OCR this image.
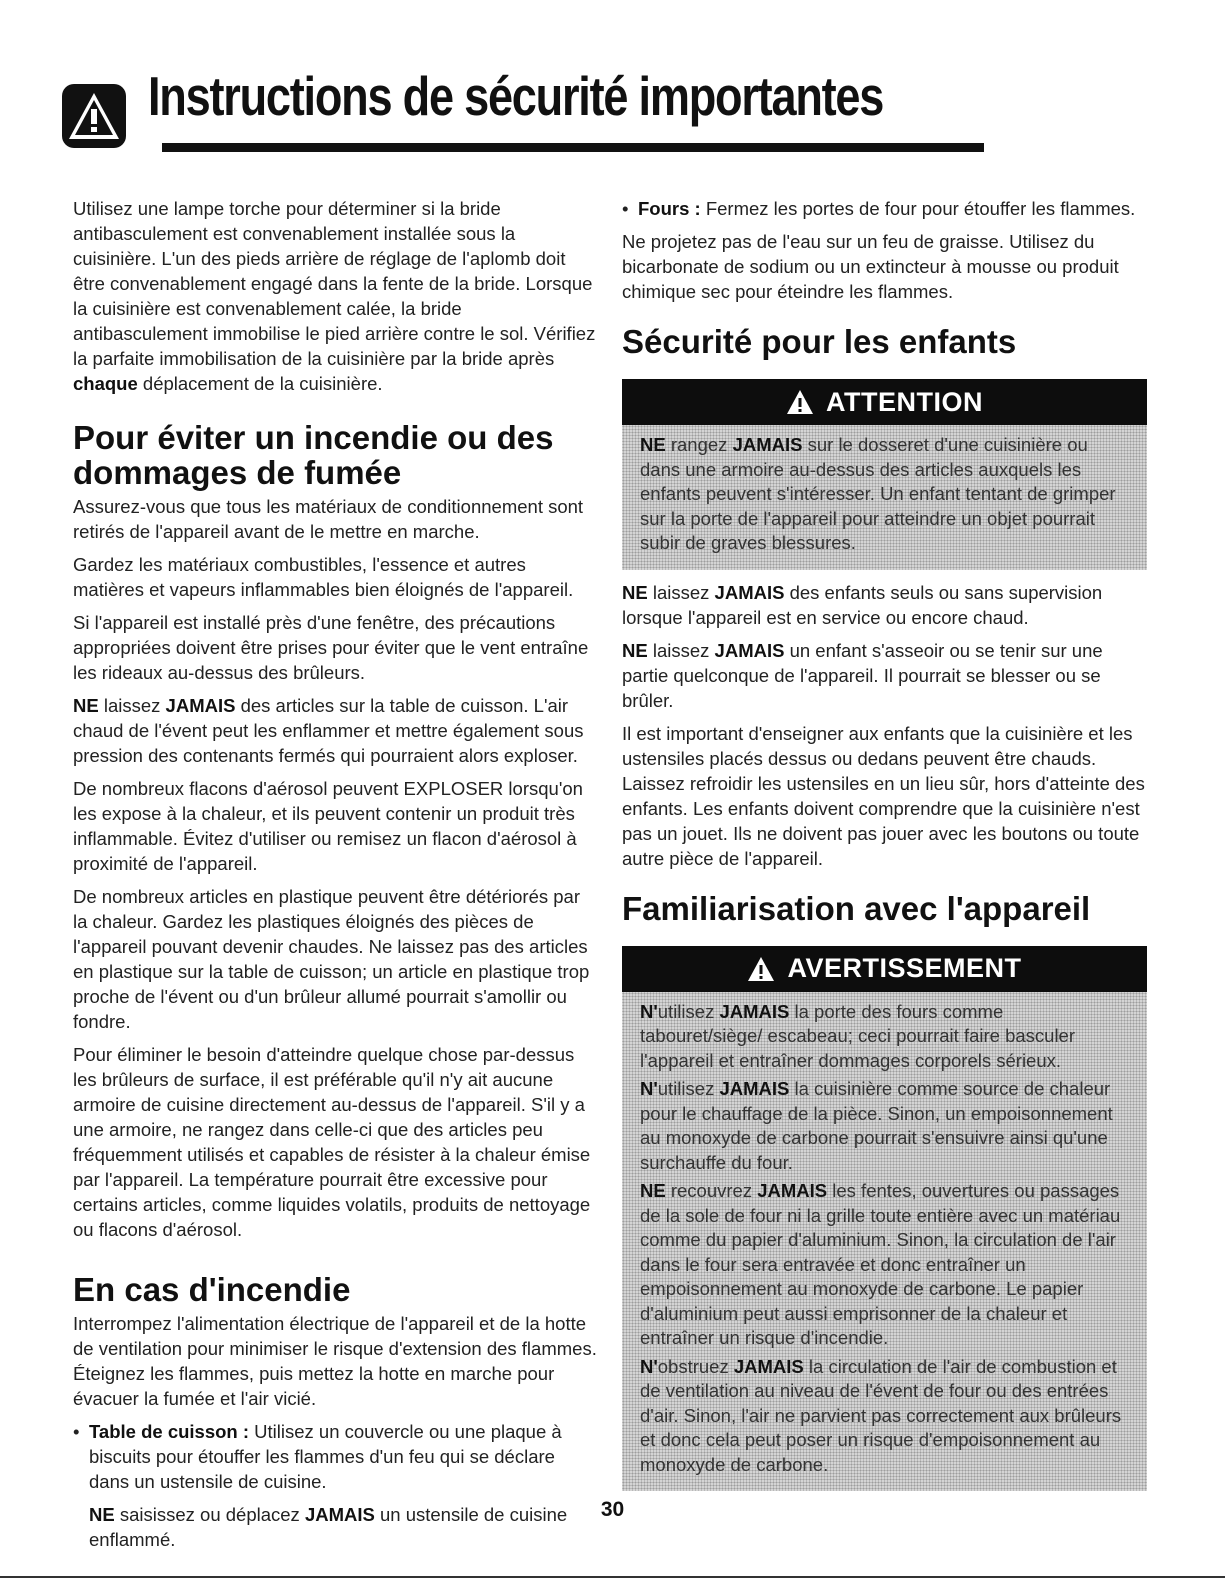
Instructions de sécurité importantes

Utilisez une lampe torche pour déterminer si la bride antibasculement est convenablement installée sous la cuisinière. L'un des pieds arrière de réglage de l'aplomb doit être convenablement engagé dans la fente de la bride. Lorsque la cuisinière est convenablement calée, la bride antibasculement immobilise le pied arrière contre le sol. Vérifiez la parfaite immobilisation de la cuisinière par la bride après chaque déplacement de la cuisinière.

Pour éviter un incendie ou des dommages de fumée

Assurez-vous que tous les matériaux de conditionnement sont retirés de l'appareil avant de le mettre en marche.

Gardez les matériaux combustibles, l'essence et autres matières et vapeurs inflammables bien éloignés de l'appareil.

Si l'appareil est installé près d'une fenêtre, des précautions appropriées doivent être prises pour éviter que le vent entraîne les rideaux au-dessus des brûleurs.

NE laissez JAMAIS des articles sur la table de cuisson. L'air chaud de l'évent peut les enflammer et mettre également sous pression des contenants fermés qui pourraient alors exploser.

De nombreux flacons d'aérosol peuvent EXPLOSER lorsqu'on les expose à la chaleur, et ils peuvent contenir un produit très inflammable. Évitez d'utiliser ou remisez un flacon d'aérosol à proximité de l'appareil.

De nombreux articles en plastique peuvent être détériorés par la chaleur. Gardez les plastiques éloignés des pièces de l'appareil pouvant devenir chaudes. Ne laissez pas des articles en plastique sur la table de cuisson; un article en plastique trop proche de l'évent ou d'un brûleur allumé pourrait s'amollir ou fondre.

Pour éliminer le besoin d'atteindre quelque chose par-dessus les brûleurs de surface, il est préférable qu'il n'y ait aucune armoire de cuisine directement au-dessus de l'appareil. S'il y a une armoire, ne rangez dans celle-ci que des articles peu fréquemment utilisés et capables de résister à la chaleur émise par l'appareil. La température pourrait être excessive pour certains articles, comme liquides volatils, produits de nettoyage ou flacons d'aérosol.

En cas d'incendie

Interrompez l'alimentation électrique de l'appareil et de la hotte de ventilation pour minimiser le risque d'extension des flammes. Éteignez les flammes, puis mettez la hotte en marche pour évacuer la fumée et l'air vicié.

• Table de cuisson : Utilisez un couvercle ou une plaque à biscuits pour étouffer les flammes d'un feu qui se déclare dans un ustensile de cuisine.

NE saisissez ou déplacez JAMAIS un ustensile de cuisine enflammé.

• Fours : Fermez les portes de four pour étouffer les flammes.

Ne projetez pas de l'eau sur un feu de graisse. Utilisez du bicarbonate de sodium ou un extincteur à mousse ou produit chimique sec pour éteindre les flammes.

Sécurité pour les enfants
ATTENTION

NE rangez JAMAIS sur le dosseret d'une cuisinière ou dans une armoire au-dessus des articles auxquels les enfants peuvent s'intéresser. Un enfant tentant de grimper sur la porte de l'appareil pour atteindre un objet pourrait subir de graves blessures.

NE laissez JAMAIS des enfants seuls ou sans supervision lorsque l'appareil est en service ou encore chaud.

NE laissez JAMAIS un enfant s'asseoir ou se tenir sur une partie quelconque de l'appareil. Il pourrait se blesser ou se brûler.

Il est important d'enseigner aux enfants que la cuisinière et les ustensiles placés dessus ou dedans peuvent être chauds. Laissez refroidir les ustensiles en un lieu sûr, hors d'atteinte des enfants. Les enfants doivent comprendre que la cuisinière n'est pas un jouet. Ils ne doivent pas jouer avec les boutons ou toute autre pièce de l'appareil.

Familiarisation avec l'appareil
AVERTISSEMENT

N'utilisez JAMAIS la porte des fours comme tabouret/siège/ escabeau; ceci pourrait faire basculer l'appareil et entraîner dommages corporels sérieux.

N'utilisez JAMAIS la cuisinière comme source de chaleur pour le chauffage de la pièce. Sinon, un empoisonnement au monoxyde de carbone pourrait s'ensuivre ainsi qu'une surchauffe du four.

NE recouvrez JAMAIS les fentes, ouvertures ou passages de la sole de four ni la grille toute entière avec un matériau comme du papier d'aluminium. Sinon, la circulation de l'air dans le four sera entravée et donc entraîner un empoisonnement au monoxyde de carbone. Le papier d'aluminium peut aussi emprisonner de la chaleur et entraîner un risque d'incendie.

N'obstruez JAMAIS la circulation de l'air de combustion et de ventilation au niveau de l'évent de four ou des entrées d'air. Sinon, l'air ne parvient pas correctement aux brûleurs et donc cela peut poser un risque d'empoisonnement au monoxyde de carbone.

30
